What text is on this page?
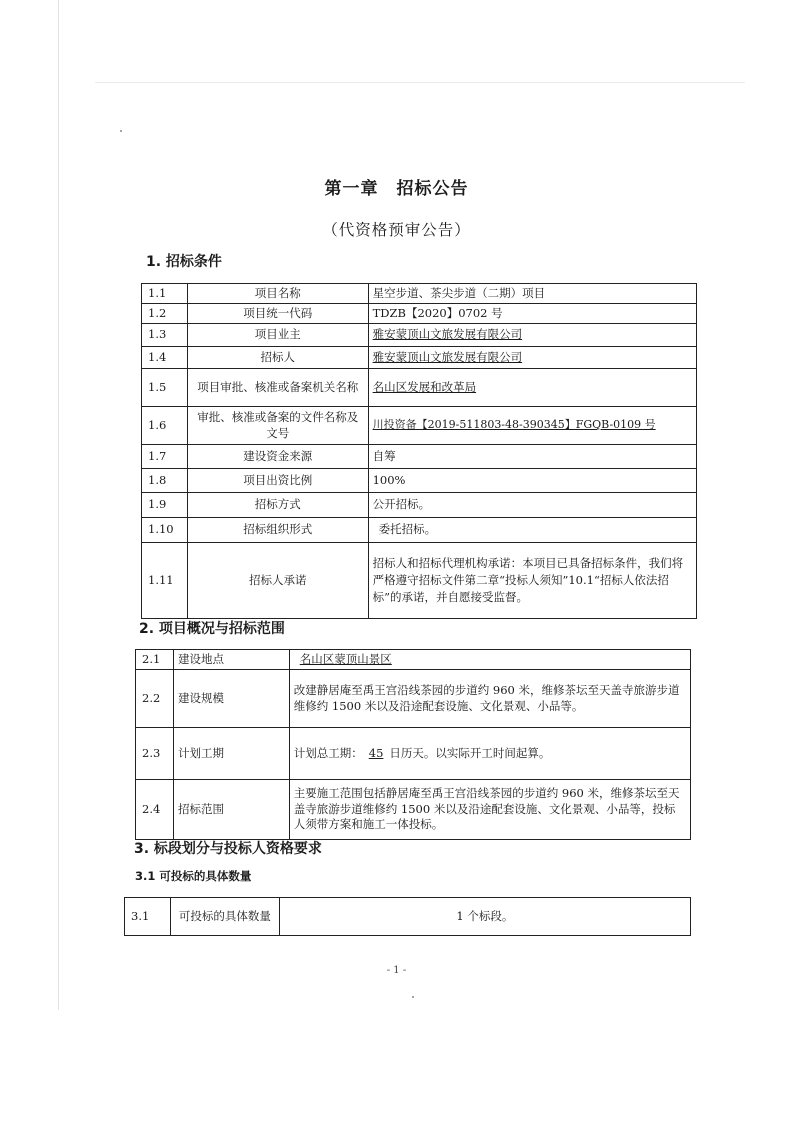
第一章　招标公告
（代资格预审公告）
1. 招标条件
1.1	项目名称	星空步道、茶尖步道（二期）项目
1.2	项目统一代码	TDZB【2020】0702 号
1.3	项目业主	雅安蒙顶山文旅发展有限公司
1.4	招标人	雅安蒙顶山文旅发展有限公司
1.5	项目审批、核准或备案机关名称	名山区发展和改革局
1.6	审批、核准或备案的文件名称及文号	川投资备【2019-511803-48-390345】FGQB-0109 号
1.7	建设资金来源	自筹
1.8	项目出资比例	100%
1.9	招标方式	公开招标。
1.10	招标组织形式	委托招标。
1.11	招标人承诺	招标人和招标代理机构承诺：本项目已具备招标条件，我们将严格遵守招标文件第二章“投标人须知”10.1“招标人依法招标”的承诺，并自愿接受监督。
2. 项目概况与招标范围
2.1	建设地点	名山区蒙顶山景区
2.2	建设规模	改建静居庵至禹王宫沿线茶园的步道约 960 米，维修茶坛至天盖寺旅游步道维修约 1500 米以及沿途配套设施、文化景观、小品等。
2.3	计划工期	计划总工期： 45 日历天。以实际开工时间起算。
2.4	招标范围	主要施工范围包括静居庵至禹王宫沿线茶园的步道约 960 米，维修茶坛至天盖寺旅游步道维修约 1500 米以及沿途配套设施、文化景观、小品等，投标人须带方案和施工一体投标。
3. 标段划分与投标人资格要求
3.1 可投标的具体数量
3.1	可投标的具体数量	1 个标段。
- 1 -
